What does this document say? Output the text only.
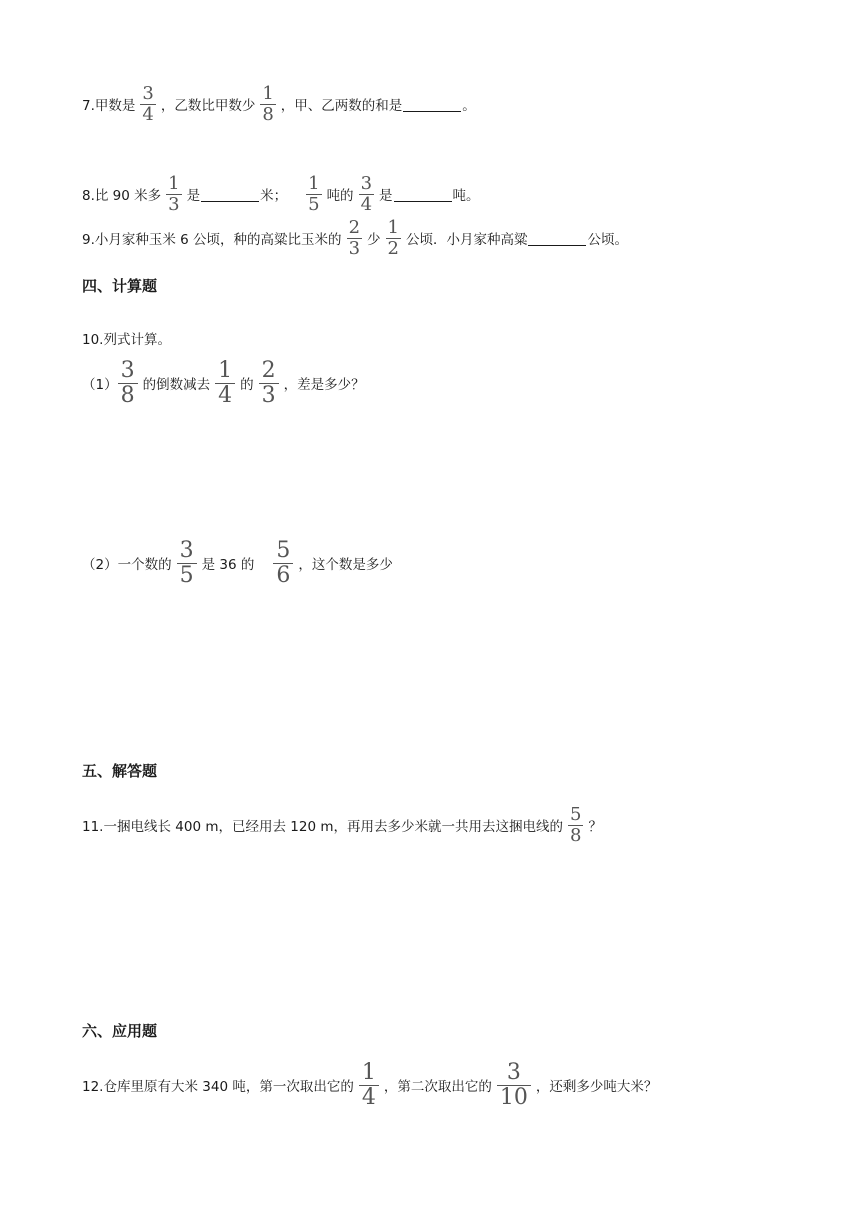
7.甲数是 $\frac{3}{4}$ ，乙数比甲数少 $\frac{1}{8}$ ，甲、乙两数的和是	。
8.比 90 米多 $\frac{1}{3}$ 是	米； $\frac{1}{5}$ 吨的 $\frac{3}{4}$ 是	吨。
9.小月家种玉米 6 公顷，种的高粱比玉米的 $\frac{2}{3}$ 少 $\frac{1}{2}$ 公顷．小月家种高粱	公顷。
四、计算题
10.列式计算。
$(1) \frac{3}{8}$ 的倒数减去 $\frac{1}{4}$ 的 $\frac{2}{3}$ ，差是多少？
（2）一个数的 $\frac{3}{5}$ 是 36 的 $\frac{5}{6}$ ，这个数是多少
五、解答题
11.一捆电线长 400 m，已经用去 120 m，再用去多少米就一共用去这捆电线的 $\frac{5}{8}$ ？
六、应用题
12.仓库里原有大米 340 吨，第一次取出它的 $\frac{1}{4}$ ，第二次取出它的 $\frac{3}{10}$ ，还剩多少吨大米？
